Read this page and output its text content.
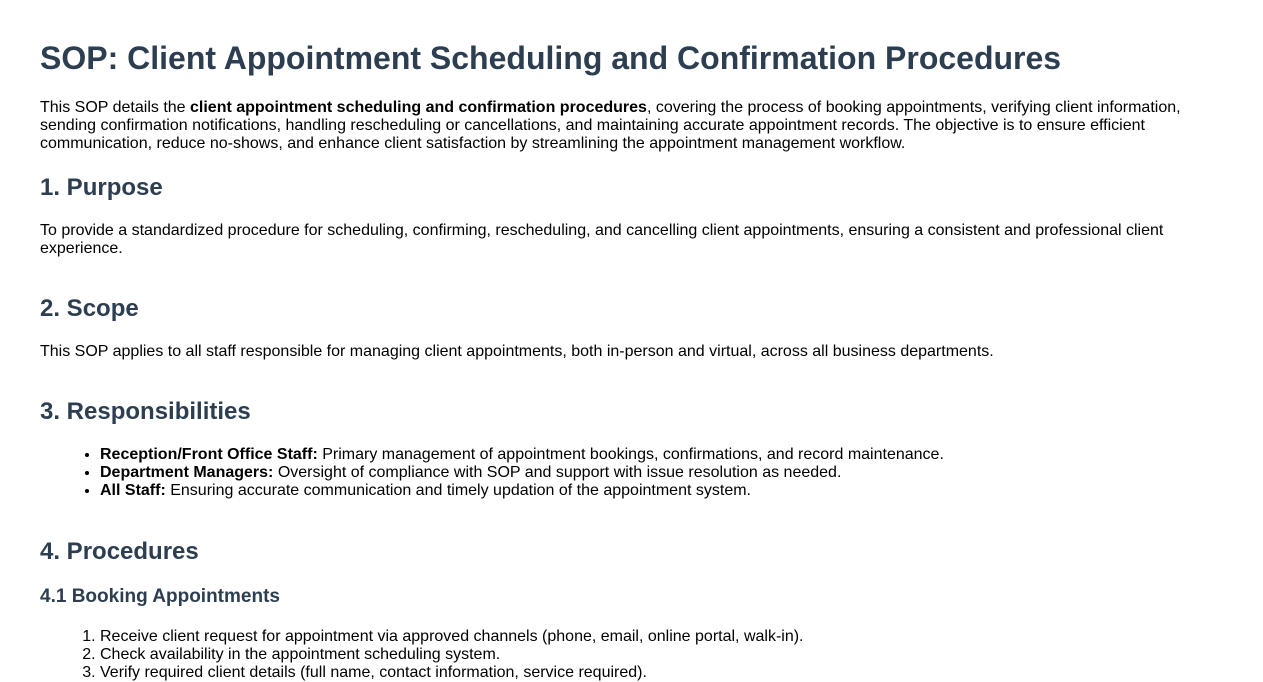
SOP: Client Appointment Scheduling and Confirmation Procedures

This SOP details the client appointment scheduling and confirmation procedures, covering the process of booking appointments, verifying client information, sending confirmation notifications, handling rescheduling or cancellations, and maintaining accurate appointment records. The objective is to ensure efficient communication, reduce no-shows, and enhance client satisfaction by streamlining the appointment management workflow.

1. Purpose

To provide a standardized procedure for scheduling, confirming, rescheduling, and cancelling client appointments, ensuring a consistent and professional client experience.

2. Scope

This SOP applies to all staff responsible for managing client appointments, both in-person and virtual, across all business departments.

3. Responsibilities
• Reception/Front Office Staff: Primary management of appointment bookings, confirmations, and record maintenance.
• Department Managers: Oversight of compliance with SOP and support with issue resolution as needed.
• All Staff: Ensuring accurate communication and timely updation of the appointment system.
4. Procedures
4.1 Booking Appointments
1. Receive client request for appointment via approved channels (phone, email, online portal, walk-in).
2. Check availability in the appointment scheduling system.
3. Verify required client details (full name, contact information, service required).
